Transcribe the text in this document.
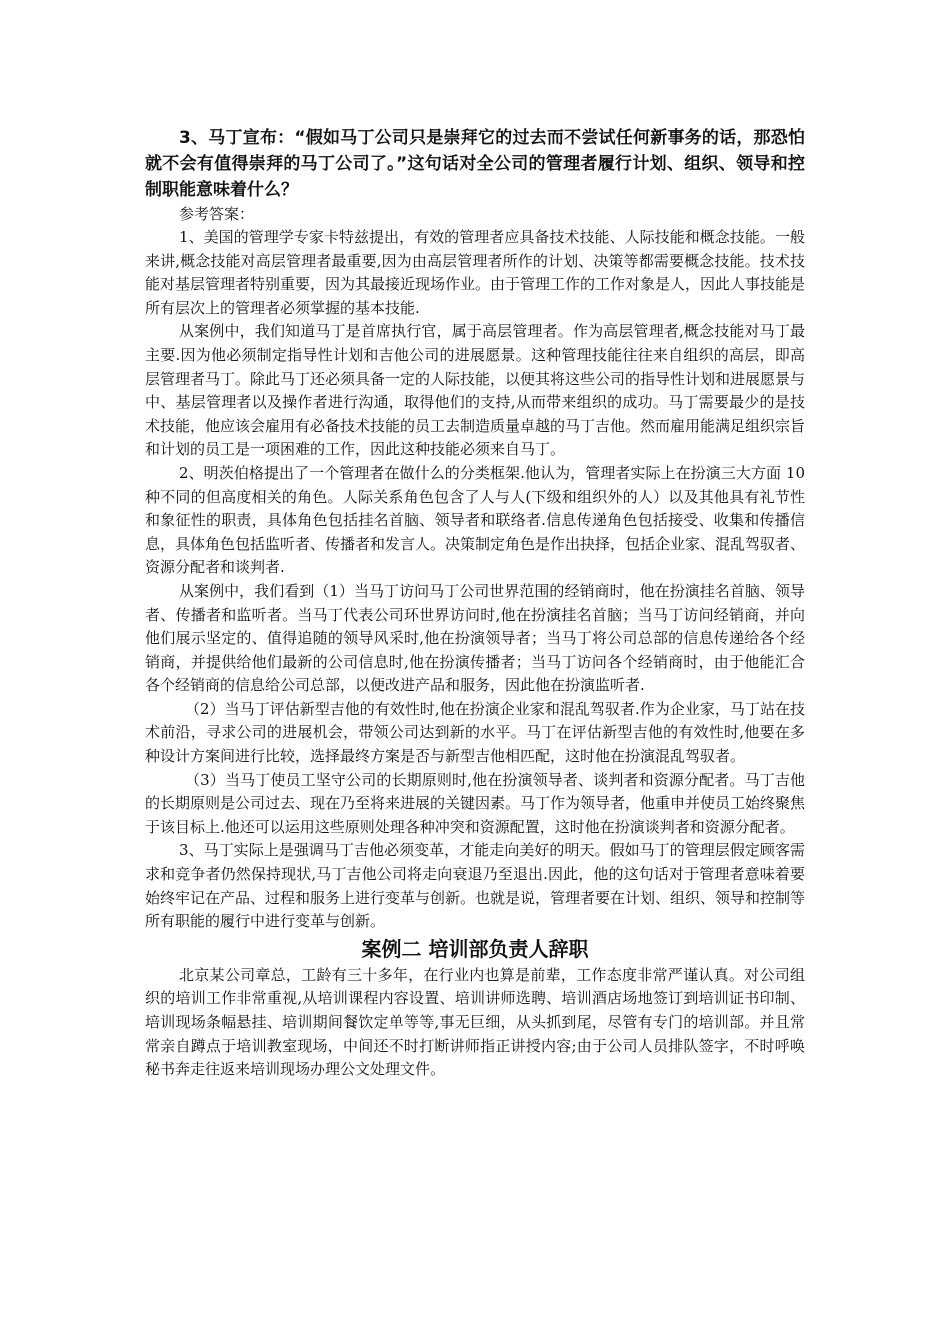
3、马丁宣布：“假如马丁公司只是崇拜它的过去而不尝试任何新事务的话，那恐怕就不会有值得崇拜的马丁公司了。”这句话对全公司的管理者履行计划、组织、领导和控制职能意味着什么？

参考答案：

1、美国的管理学专家卡特兹提出，有效的管理者应具备技术技能、人际技能和概念技能。一般来讲,概念技能对高层管理者最重要,因为由高层管理者所作的计划、决策等都需要概念技能。技术技能对基层管理者特别重要，因为其最接近现场作业。由于管理工作的工作对象是人，因此人事技能是所有层次上的管理者必须掌握的基本技能.

从案例中，我们知道马丁是首席执行官，属于高层管理者。作为高层管理者,概念技能对马丁最主要.因为他必须制定指导性计划和吉他公司的进展愿景。这种管理技能往往来自组织的高层，即高层管理者马丁。除此马丁还必须具备一定的人际技能，以便其将这些公司的指导性计划和进展愿景与中、基层管理者以及操作者进行沟通，取得他们的支持,从而带来组织的成功。马丁需要最少的是技术技能，他应该会雇用有必备技术技能的员工去制造质量卓越的马丁吉他。然而雇用能满足组织宗旨和计划的员工是一项困难的工作，因此这种技能必须来自马丁。

2、明茨伯格提出了一个管理者在做什么的分类框架.他认为，管理者实际上在扮演三大方面 10 种不同的但高度相关的角色。人际关系角色包含了人与人(下级和组织外的人）以及其他具有礼节性和象征性的职责，具体角色包括挂名首脑、领导者和联络者.信息传递角色包括接受、收集和传播信息，具体角色包括监听者、传播者和发言人。决策制定角色是作出抉择，包括企业家、混乱驾驭者、资源分配者和谈判者.

从案例中，我们看到（1）当马丁访问马丁公司世界范围的经销商时，他在扮演挂名首脑、领导者、传播者和监听者。当马丁代表公司环世界访问时,他在扮演挂名首脑；当马丁访问经销商，并向他们展示坚定的、值得追随的领导风采时,他在扮演领导者；当马丁将公司总部的信息传递给各个经销商，并提供给他们最新的公司信息时,他在扮演传播者；当马丁访问各个经销商时，由于他能汇合各个经销商的信息给公司总部，以便改进产品和服务，因此他在扮演监听者.

（2）当马丁评估新型吉他的有效性时,他在扮演企业家和混乱驾驭者.作为企业家，马丁站在技术前沿，寻求公司的进展机会，带领公司达到新的水平。马丁在评估新型吉他的有效性时,他要在多种设计方案间进行比较，选择最终方案是否与新型吉他相匹配，这时他在扮演混乱驾驭者。

（3）当马丁使员工坚守公司的长期原则时,他在扮演领导者、谈判者和资源分配者。马丁吉他的长期原则是公司过去、现在乃至将来进展的关键因素。马丁作为领导者，他重申并使员工始终聚焦于该目标上.他还可以运用这些原则处理各种冲突和资源配置，这时他在扮演谈判者和资源分配者。

3、马丁实际上是强调马丁吉他必须变革，才能走向美好的明天。假如马丁的管理层假定顾客需求和竞争者仍然保持现状,马丁吉他公司将走向衰退乃至退出.因此，他的这句话对于管理者意味着要始终牢记在产品、过程和服务上进行变革与创新。也就是说，管理者要在计划、组织、领导和控制等所有职能的履行中进行变革与创新。

案例二 培训部负责人辞职

北京某公司章总，工龄有三十多年，在行业内也算是前辈，工作态度非常严谨认真。对公司组织的培训工作非常重视,从培训课程内容设置、培训讲师选聘、培训酒店场地签订到培训证书印制、培训现场条幅悬挂、培训期间餐饮定单等等,事无巨细，从头抓到尾，尽管有专门的培训部。并且常常亲自蹲点于培训教室现场，中间还不时打断讲师指正讲授内容;由于公司人员排队签字，不时呼唤秘书奔走往返来培训现场办理公文处理文件。
